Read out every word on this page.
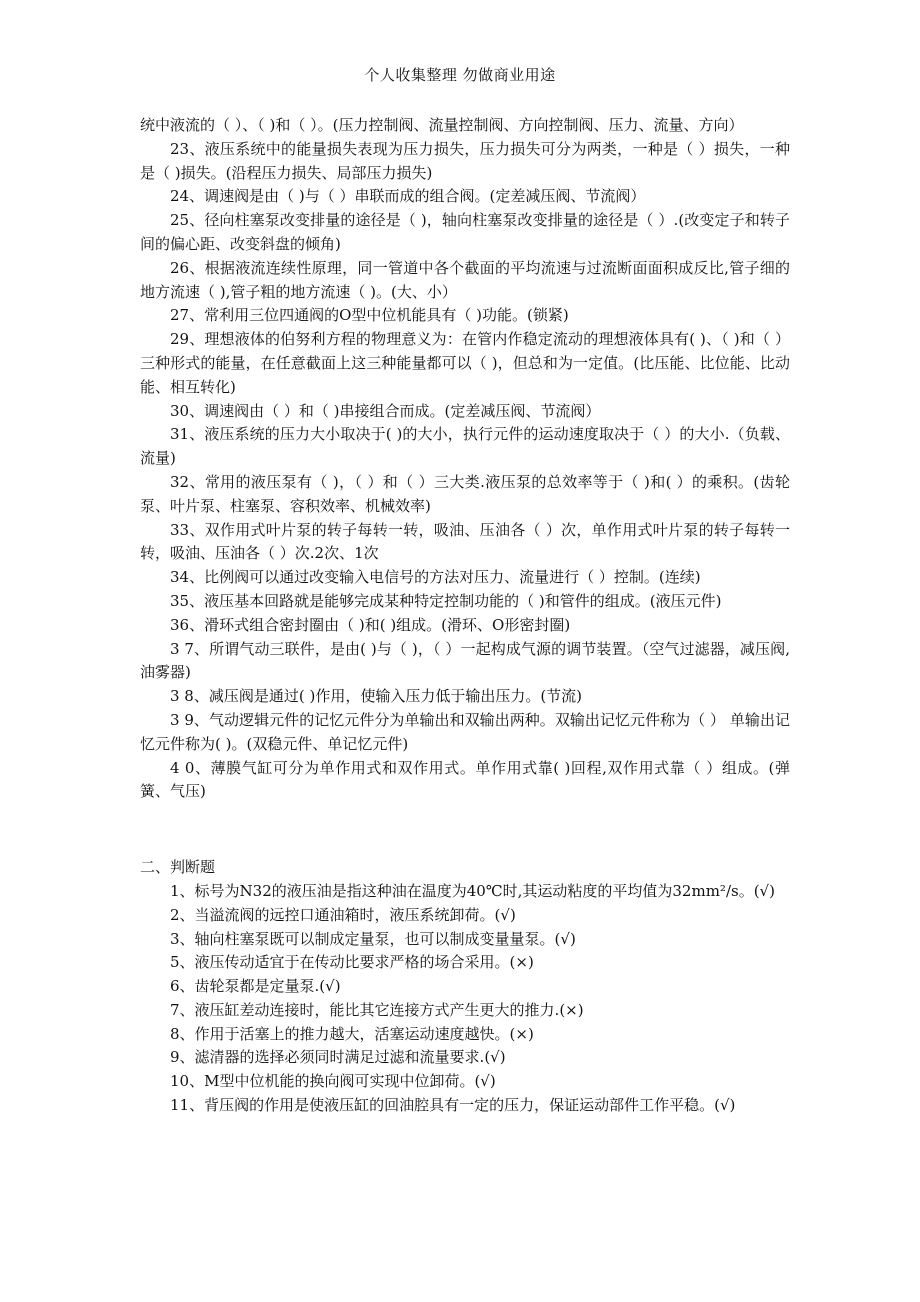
个人收集整理 勿做商业用途

统中液流的（ ）、（ )和（ ）。(压力控制阀、流量控制阀、方向控制阀、压力、流量、方向）

23、液压系统中的能量损失表现为压力损失，压力损失可分为两类，一种是（ ）损失，一种是（ )损失。(沿程压力损失、局部压力损失)

24、调速阀是由（ )与（ ）串联而成的组合阀。(定差减压阀、节流阀）

25、径向柱塞泵改变排量的途径是（ )，轴向柱塞泵改变排量的途径是（ ）.(改变定子和转子间的偏心距、改变斜盘的倾角)

26、根据液流连续性原理，同一管道中各个截面的平均流速与过流断面面积成反比,管子细的地方流速（ ),管子粗的地方流速（ )。(大、小）

27、常利用三位四通阀的O型中位机能具有（ )功能。(锁紧)

29、理想液体的伯努利方程的物理意义为：在管内作稳定流动的理想液体具有( )、（ )和（ ）三种形式的能量，在任意截面上这三种能量都可以（ )，但总和为一定值。(比压能、比位能、比动能、相互转化)

30、调速阀由（ ）和（ )串接组合而成。(定差减压阀、节流阀）

31、液压系统的压力大小取决于( )的大小，执行元件的运动速度取决于（ ）的大小.（负载、流量)

32、常用的液压泵有（ )，（ ）和（ ）三大类.液压泵的总效率等于（ )和( ）的乘积。(齿轮泵、叶片泵、柱塞泵、容积效率、机械效率)

33、双作用式叶片泵的转子每转一转，吸油、压油各（ ）次，单作用式叶片泵的转子每转一转，吸油、压油各（ ）次.2次、1次

34、比例阀可以通过改变输入电信号的方法对压力、流量进行（ ）控制。(连续)

35、液压基本回路就是能够完成某种特定控制功能的（ )和管件的组成。(液压元件)

36、滑环式组合密封圈由（ )和( )组成。(滑环、O形密封圈)

3 7、所谓气动三联件，是由( )与（ )，（ ）一起构成气源的调节装置。（空气过滤器，减压阀,油雾器)

3 8、减压阀是通过( )作用，使输入压力低于输出压力。(节流)

3 9、气动逻辑元件的记忆元件分为单输出和双输出两种。双输出记忆元件称为（ ） 单输出记忆元件称为( )。(双稳元件、单记忆元件)

4 0、薄膜气缸可分为单作用式和双作用式。单作用式靠( )回程,双作用式靠（ ）组成。(弹簧、气压)

二、判断题

1、标号为N32的液压油是指这种油在温度为40℃时,其运动粘度的平均值为32mm²/s。(√)

2、当溢流阀的远控口通油箱时，液压系统卸荷。(√)

3、轴向柱塞泵既可以制成定量泵，也可以制成变量量泵。(√)

5、液压传动适宜于在传动比要求严格的场合采用。(×)

6、齿轮泵都是定量泵.(√)

7、液压缸差动连接时，能比其它连接方式产生更大的推力.(×)

8、作用于活塞上的推力越大，活塞运动速度越快。(×)

9、滤清器的选择必须同时满足过滤和流量要求.(√)

10、M型中位机能的换向阀可实现中位卸荷。(√)

11、背压阀的作用是使液压缸的回油腔具有一定的压力，保证运动部件工作平稳。(√)
